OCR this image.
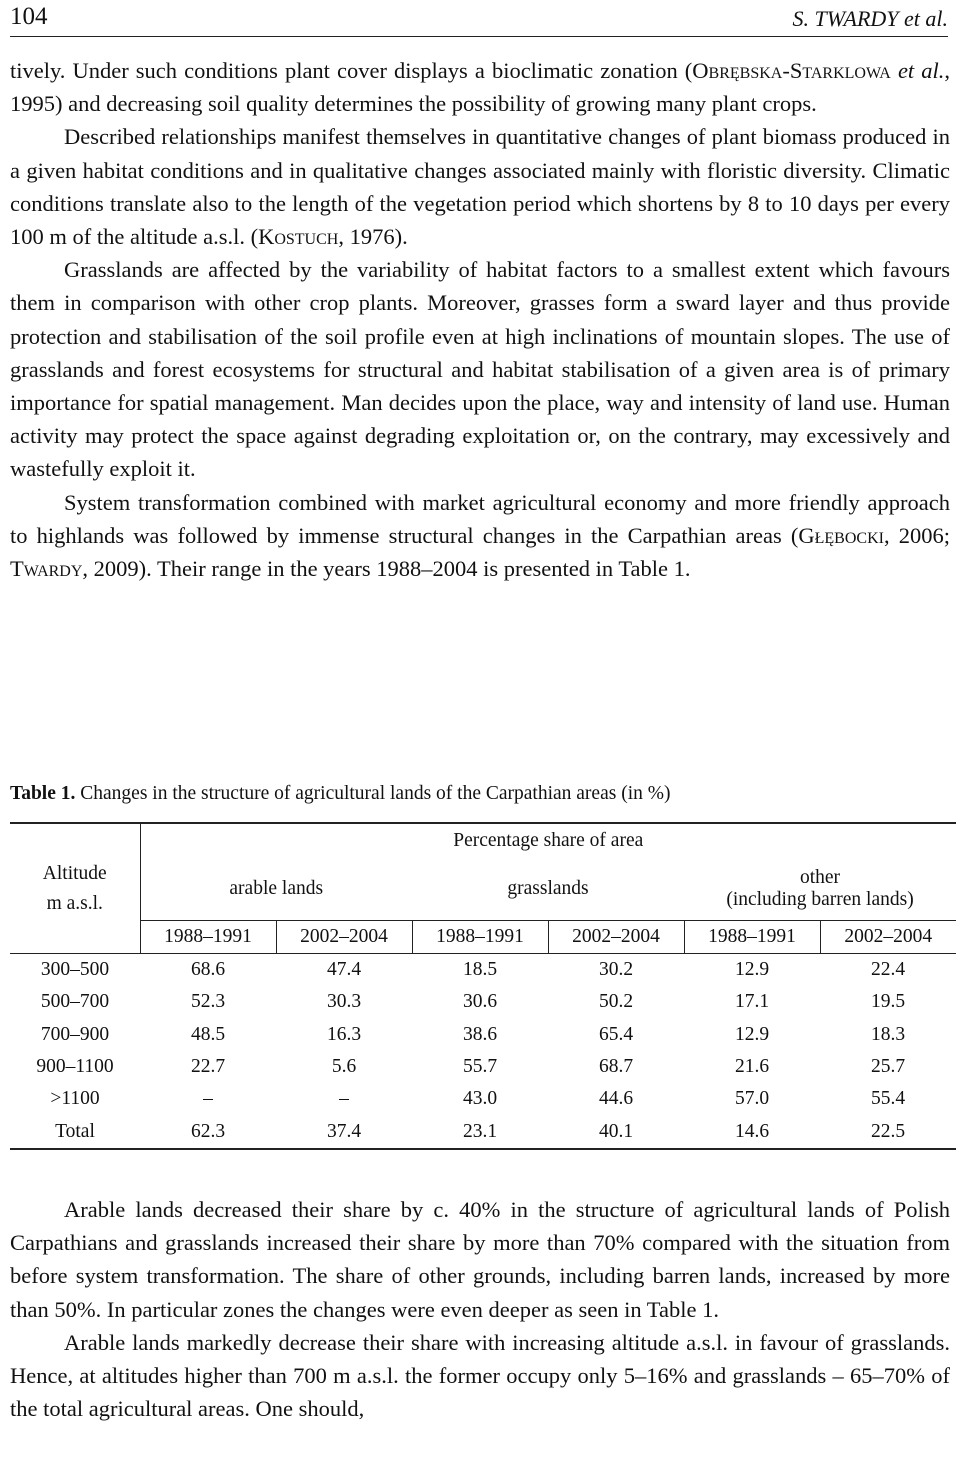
104	S. TWARDY et al.

tively. Under such conditions plant cover displays a bioclimatic zonation (Obrębska-Starklowa et al., 1995) and decreasing soil quality determines the possibility of growing many plant crops.

Described relationships manifest themselves in quantitative changes of plant biomass produced in a given habitat conditions and in qualitative changes associated mainly with floristic diversity. Climatic conditions translate also to the length of the vegetation period which shortens by 8 to 10 days per every 100 m of the altitude a.s.l. (Kostuch, 1976).

Grasslands are affected by the variability of habitat factors to a smallest extent which favours them in comparison with other crop plants. Moreover, grasses form a sward layer and thus provide protection and stabilisation of the soil profile even at high inclinations of mountain slopes. The use of grasslands and forest ecosystems for structural and habitat stabilisation of a given area is of primary importance for spatial management. Man decides upon the place, way and intensity of land use. Human activity may protect the space against degrading exploitation or, on the contrary, may excessively and wastefully exploit it.

System transformation combined with market agricultural economy and more friendly approach to highlands was followed by immense structural changes in the Carpathian areas (Głębocki, 2006; Twardy, 2009). Their range in the years 1988–2004 is presented in Table 1.

Table 1. Changes in the structure of agricultural lands of the Carpathian areas (in %)
Altitude
m a.s.l.	Percentage share of area					
	arable lands		grasslands		other
(including barren lands)	
	1988–1991	2002–2004	1988–1991	2002–2004	1988–1991	2002–2004
300–500	68.6	47.4	18.5	30.2	12.9	22.4
500–700	52.3	30.3	30.6	50.2	17.1	19.5
700–900	48.5	16.3	38.6	65.4	12.9	18.3
900–1100	22.7	5.6	55.7	68.7	21.6	25.7
>1100	–	–	43.0	44.6	57.0	55.4
Total	62.3	37.4	23.1	40.1	14.6	22.5

Arable lands decreased their share by c. 40% in the structure of agricultural lands of Polish Carpathians and grasslands increased their share by more than 70% compared with the situation from before system transformation. The share of other grounds, including barren lands, increased by more than 50%. In particular zones the changes were even deeper as seen in Table 1.

Arable lands markedly decrease their share with increasing altitude a.s.l. in favour of grasslands. Hence, at altitudes higher than 700 m a.s.l. the former occupy only 5–16% and grasslands – 65–70% of the total agricultural areas. One should,
